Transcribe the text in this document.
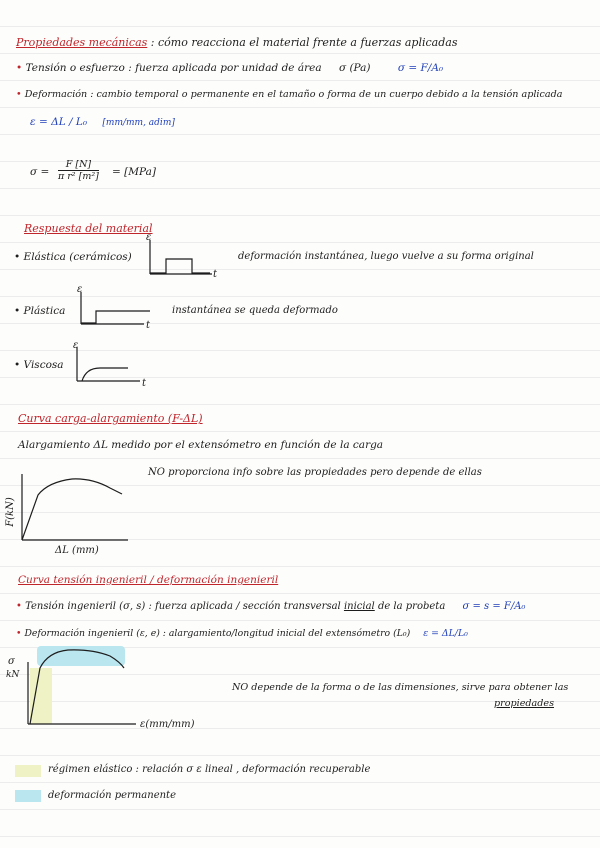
Propiedades mecánicas : cómo reacciona el material frente a fuerzas aplicadas
• Tensión o esfuerzo : fuerza aplicada por unidad de área σ (Pa)	σ = F/A₀
• Deformación : cambio temporal o permanente en el tamaño o forma de un cuerpo debido a la tensión aplicada
ε = ΔL / L₀ [mm/mm, adim]
$\sigma = \frac{F [N]}{\text{π r² [m²]}} = [MPa]$
Respuesta del material
• Elástica (cerámicos)
ε
t
ε
t
ε
t
F(kN)
ΔL (mm)
σ
kN
ε(mm/mm)
deformación instantánea, luego vuelve a su forma original
• Plástica	instantánea se queda deformado
• Viscosa
Curva carga-alargamiento (F-ΔL)
Alargamiento ΔL medido por el extensómetro en función de la carga
NO proporciona info sobre las propiedades pero depende de ellas
Curva tensión ingenieril / deformación ingenieril
• Tensión ingenieril (σ, s) : fuerza aplicada / sección transversal inicial de la probeta σ = s = F/A₀
• Deformación ingenieril (ε, e) : alargamiento/longitud inicial del extensómetro (L₀) ε = ΔL/L₀
NO depende de la forma o de las dimensiones, sirve para obtener las
propiedades
régimen elástico : relación σ ε lineal , deformación recuperable
deformación permanente
